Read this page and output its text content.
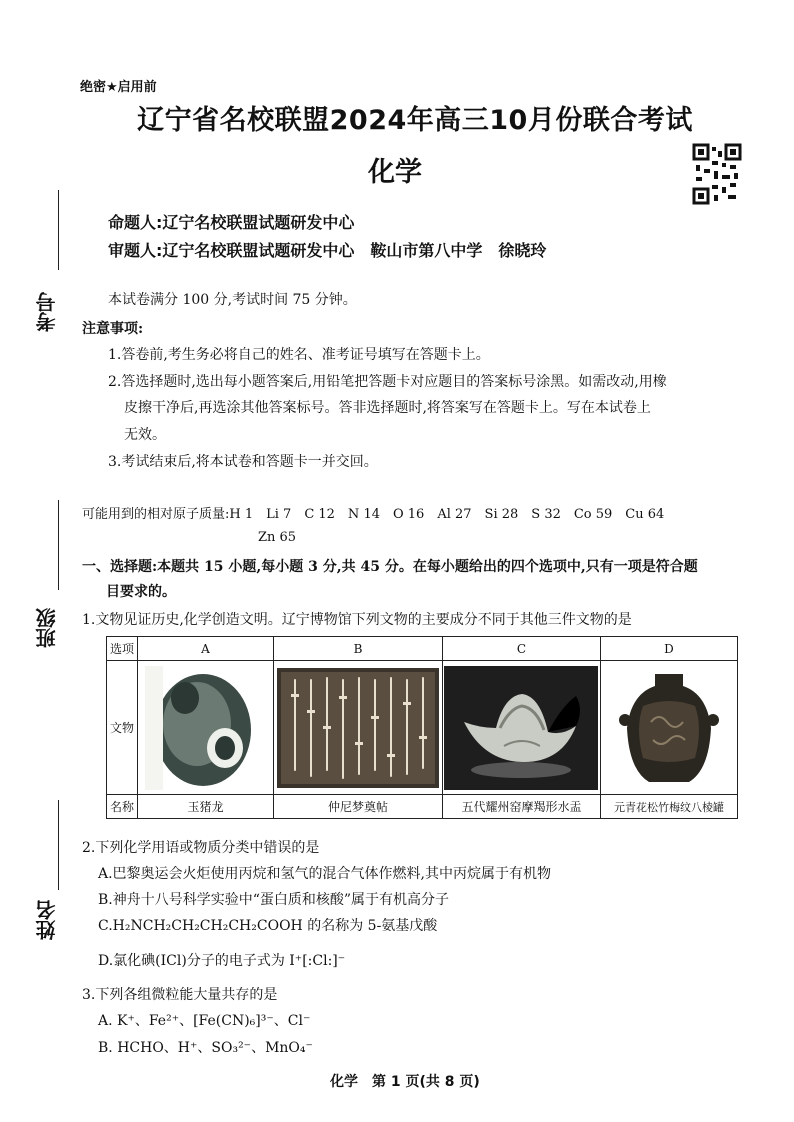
绝密★启用前
辽宁省名校联盟2024年高三10月份联合考试
化学
命题人:辽宁名校联盟试题研发中心
审题人:辽宁名校联盟试题研发中心　鞍山市第八中学　徐晓玲
考号
班级
姓名
本试卷满分 100 分,考试时间 75 分钟。
注意事项:
1.答卷前,考生务必将自己的姓名、准考证号填写在答题卡上。
2.答选择题时,选出每小题答案后,用铅笔把答题卡对应题目的答案标号涂黑。如需改动,用橡
皮擦干净后,再选涂其他答案标号。答非选择题时,将答案写在答题卡上。写在本试卷上
无效。
3.考试结束后,将本试卷和答题卡一并交回。
可能用到的相对原子质量:H 1　Li 7　C 12　N 14　O 16　Al 27　Si 28　S 32　Co 59　Cu 64
Zn 65
一、选择题:本题共 15 小题,每小题 3 分,共 45 分。在每小题给出的四个选项中,只有一项是符合题
目要求的。
1.文物见证历史,化学创造文明。辽宁博物馆下列文物的主要成分不同于其他三件文物的是
选项	A	B	C	D
文物	

名称	玉猪龙	仲尼梦奠帖	五代耀州窑摩羯形水盂	元青花松竹梅纹八棱罐
2.下列化学用语或物质分类中错误的是
A.巴黎奥运会火炬使用丙烷和氢气的混合气体作燃料,其中丙烷属于有机物
B.神舟十八号科学实验中“蛋白质和核酸”属于有机高分子
C.H₂NCH₂CH₂CH₂CH₂COOH 的名称为 5-氨基戊酸
D.氯化碘(ICl)分子的电子式为 I⁺[:Cl:]⁻
3.下列各组微粒能大量共存的是
A. K⁺、Fe²⁺、[Fe(CN)₆]³⁻、Cl⁻
B. HCHO、H⁺、SO₃²⁻、MnO₄⁻
化学　第 1 页(共 8 页)
